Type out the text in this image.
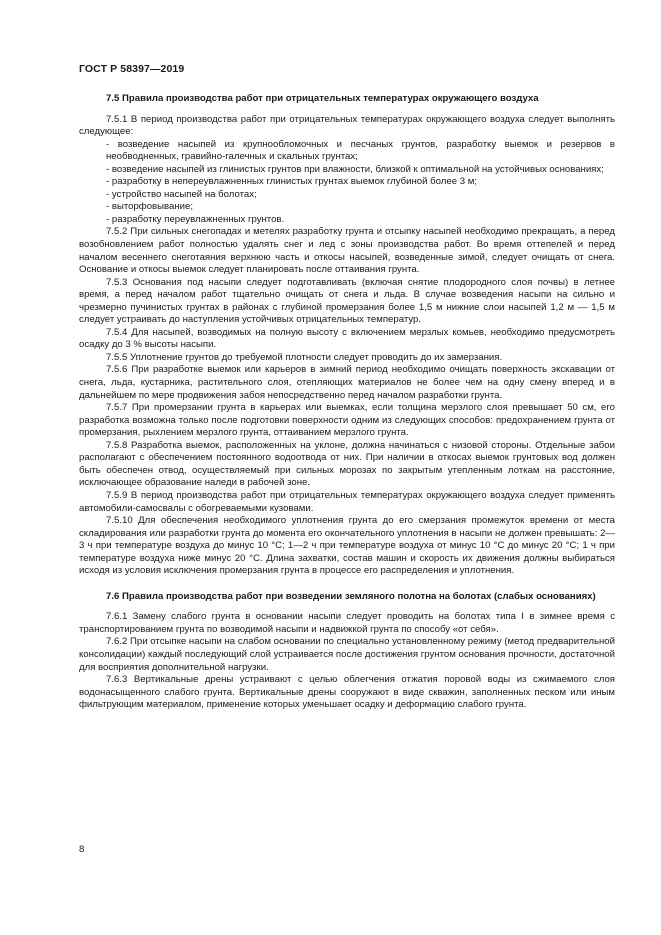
ГОСТ Р 58397—2019
7.5 Правила производства работ при отрицательных температурах окружающего воздуха

7.5.1 В период производства работ при отрицательных температурах окружающего воздуха следует выполнять следующее:

- возведение насыпей из крупнообломочных и песчаных грунтов, разработку выемок и резервов в необводненных, гравийно-галечных и скальных грунтах;

- возведение насыпей из глинистых грунтов при влажности, близкой к оптимальной на устойчивых основаниях;

- разработку в непереувлажненных глинистых грунтах выемок глубиной более 3 м;

- устройство насыпей на болотах;

- выторфовывание;

- разработку переувлажненных грунтов.

7.5.2 При сильных снегопадах и метелях разработку грунта и отсыпку насыпей необходимо прекращать, а перед возобновлением работ полностью удалять снег и лед с зоны производства работ. Во время оттепелей и перед началом весеннего снеготаяния верхнюю часть и откосы насыпей, возведенные зимой, следует очищать от снега. Основание и откосы выемок следует планировать после оттаивания грунта.

7.5.3 Основания под насыпи следует подготавливать (включая снятие плодородного слоя почвы) в летнее время, а перед началом работ тщательно очищать от снега и льда. В случае возведения насыпи на сильно и чрезмерно пучинистых грунтах в районах с глубиной промерзания более 1,5 м нижние слои насыпей 1,2 м — 1,5 м следует устраивать до наступления устойчивых отрицательных температур.

7.5.4 Для насыпей, возводимых на полную высоту с включением мерзлых комьев, необходимо предусмотреть осадку до 3 % высоты насыпи.

7.5.5 Уплотнение грунтов до требуемой плотности следует проводить до их замерзания.

7.5.6 При разработке выемок или карьеров в зимний период необходимо очищать поверхность экскавации от снега, льда, кустарника, растительного слоя, отепляющих материалов не более чем на одну смену вперед и в дальнейшем по мере продвижения забоя непосредственно перед началом разработки грунта.

7.5.7 При промерзании грунта в карьерах или выемках, если толщина мерзлого слоя превышает 50 см, его разработка возможна только после подготовки поверхности одним из следующих способов: предохранением грунта от промерзания, рыхлением мерзлого грунта, оттаиванием мерзлого грунта.

7.5.8 Разработка выемок, расположенных на уклоне, должна начинаться с низовой стороны. Отдельные забои располагают с обеспечением постоянного водоотвода от них. При наличии в откосах выемок грунтовых вод должен быть обеспечен отвод, осуществляемый при сильных морозах по закрытым утепленным лоткам на расстояние, исключающее образование наледи в рабочей зоне.

7.5.9 В период производства работ при отрицательных температурах окружающего воздуха следует применять автомобили-самосвалы с обогреваемыми кузовами.

7.5.10 Для обеспечения необходимого уплотнения грунта до его смерзания промежуток времени от места складирования или разработки грунта до момента его окончательного уплотнения в насыпи не должен превышать: 2—3 ч при температуре воздуха до минус 10 °С; 1—2 ч при температуре воздуха от минус 10 °С до минус 20 °С; 1 ч при температуре воздуха ниже минус 20 °С. Длина захватки, состав машин и скорость их движения должны выбираться исходя из условия исключения промерзания грунта в процессе его распределения и уплотнения.

7.6 Правила производства работ при возведении земляного полотна на болотах (слабых основаниях)

7.6.1 Замену слабого грунта в основании насыпи следует проводить на болотах типа I в зимнее время с транспортированием грунта по возводимой насыпи и надвижкой грунта по способу «от себя».

7.6.2 При отсыпке насыпи на слабом основании по специально установленному режиму (метод предварительной консолидации) каждый последующий слой устраивается после достижения грунтом основания прочности, достаточной для восприятия дополнительной нагрузки.

7.6.3 Вертикальные дрены устраивают с целью облегчения отжатия поровой воды из сжимаемого слоя водонасыщенного слабого грунта. Вертикальные дрены сооружают в виде скважин, заполненных песком или иным фильтрующим материалом, применение которых уменьшает осадку и деформацию слабого грунта.

8
